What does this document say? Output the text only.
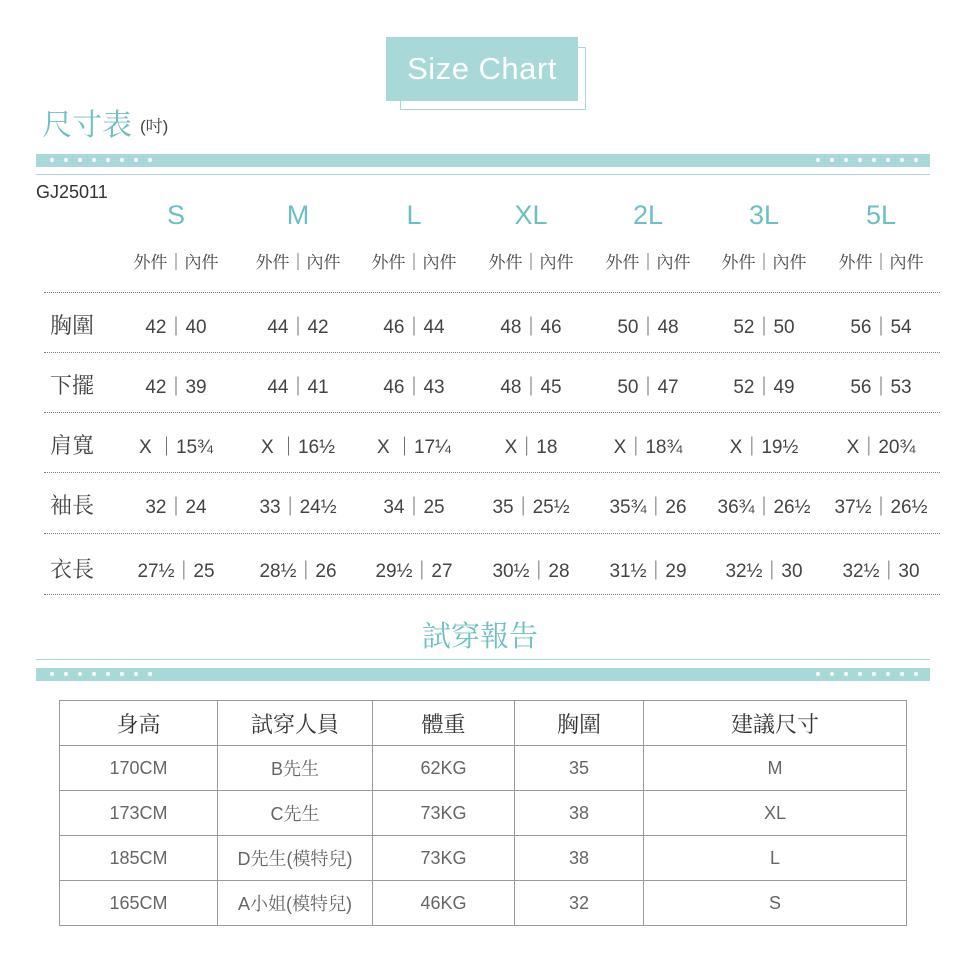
Size Chart
尺寸表 (吋)
GJ25011
S	M	L	XL	2L	3L	5L
外件｜內件	外件｜內件	外件｜內件	外件｜內件	外件｜內件	外件｜內件	外件｜內件
胸圍	42｜40	44｜42	46｜44	48｜46	50｜48	52｜50	56｜54
下擺	42｜39	44｜41	46｜43	48｜45	50｜47	52｜49	56｜53
肩寬	X ｜15¾	X ｜16½	X ｜17¼	X｜18	X｜18¾	X｜19½	X｜20¾
袖長	32｜24	33｜24½	34｜25	35｜25½	35¾｜26	36¾｜26½	37½｜26½
衣長	27½｜25	28½｜26	29½｜27	30½｜28	31½｜29	32½｜30	32½｜30
試穿報告
身高	試穿人員	體重	胸圍	建議尺寸
170CM	B先生	62KG	35	M
173CM	C先生	73KG	38	XL
185CM	D先生(模特兒)	73KG	38	L
165CM	A小姐(模特兒)	46KG	32	S
